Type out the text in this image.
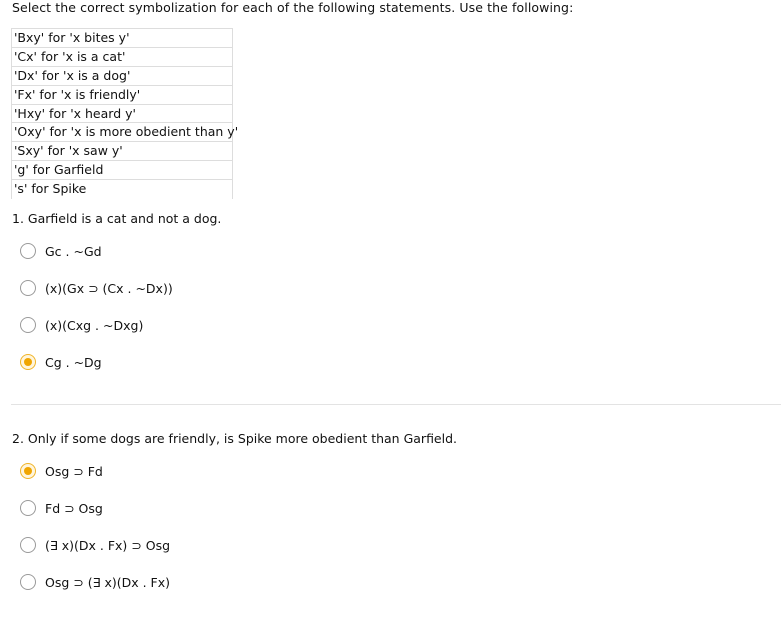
Select the correct symbolization for each of the following statements. Use the following:
'Bxy' for 'x bites y'
'Cx' for 'x is a cat'
'Dx' for 'x is a dog'
'Fx' for 'x is friendly'
'Hxy' for 'x heard y'
'Oxy' for 'x is more obedient than y'
'Sxy' for 'x saw y'
'g' for Garfield
's' for Spike
1. Garfield is a cat and not a dog.
Gc . ~Gd
(x)(Gx ⊃ (Cx . ~Dx))
(x)(Cxg . ~Dxg)
Cg . ~Dg
2. Only if some dogs are friendly, is Spike more obedient than Garfield.
Osg ⊃ Fd
Fd ⊃ Osg
(∃ x)(Dx . Fx) ⊃ Osg
Osg ⊃ (∃ x)(Dx . Fx)
